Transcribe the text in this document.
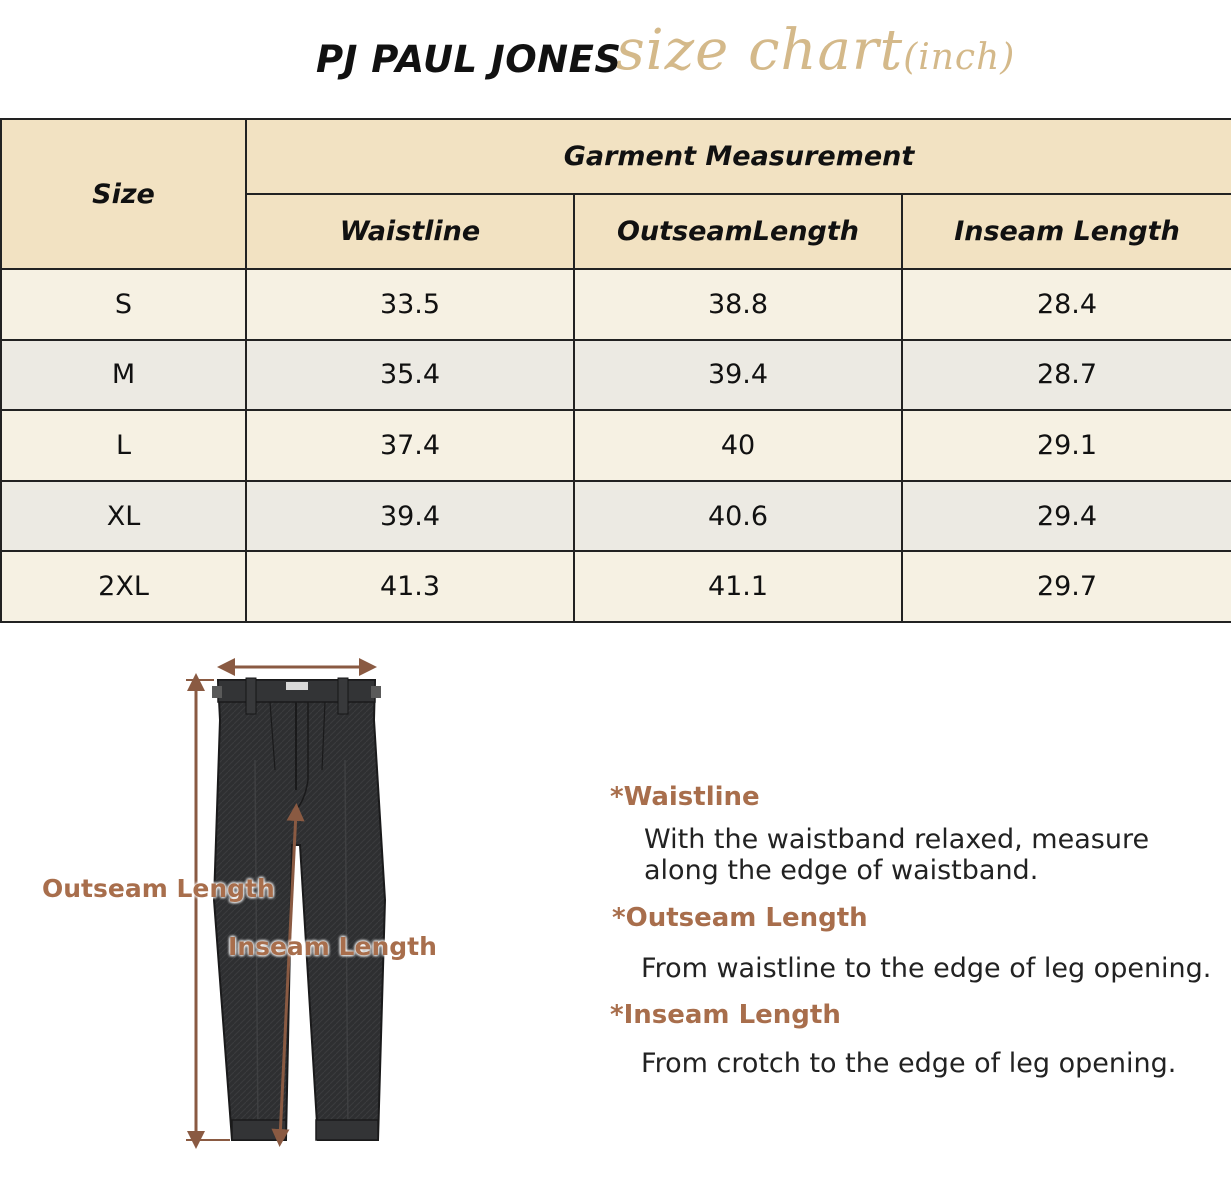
PJ PAUL JONES
size chart(inch)
Size	Garment Measurement		
	Waistline	OutseamLength	Inseam Length
S	33.5	38.8	28.4
M	35.4	39.4	28.7
L	37.4	40	29.1
XL	39.4	40.6	29.4
2XL	41.3	41.1	29.7
Outseam Length
Inseam Length
*Waistline
With the waistband relaxed, measure
along the edge of waistband.
*Outseam Length
From waistline to the edge of leg opening.
*Inseam Length
From crotch to the edge of leg opening.
